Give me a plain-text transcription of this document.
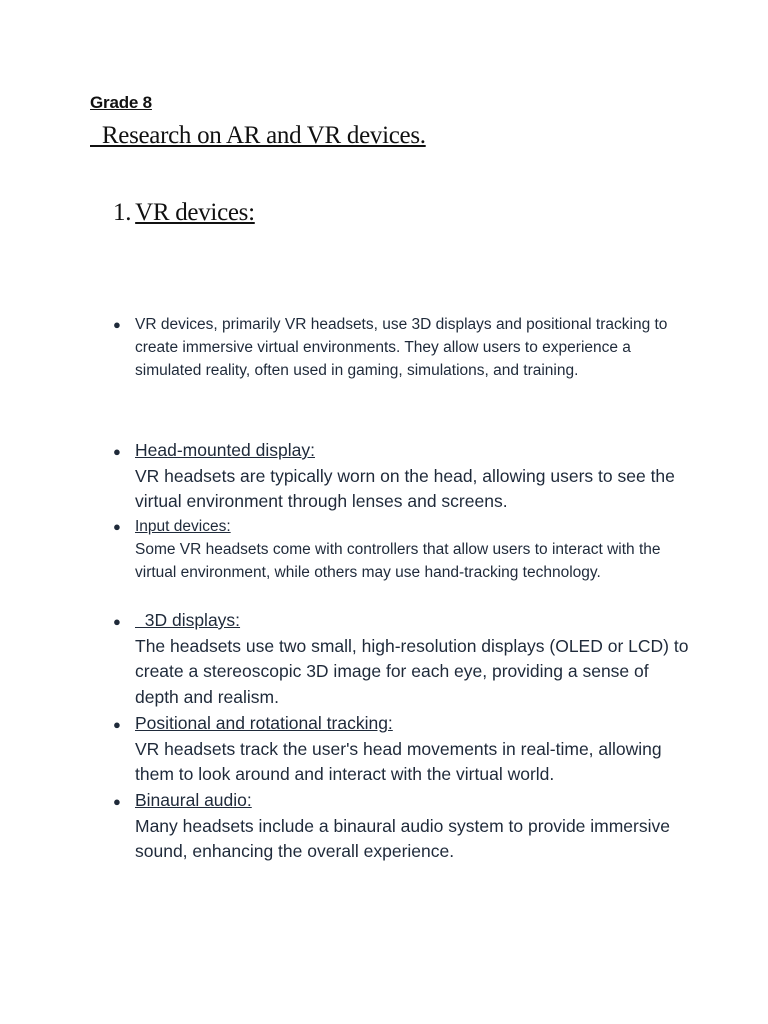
Grade 8
Research on AR and VR devices.
1. VR devices:
● VR devices, primarily VR headsets, use 3D displays and positional tracking to create immersive virtual environments. They allow users to experience a simulated reality, often used in gaming, simulations, and training.
● Head-mounted display:
VR headsets are typically worn on the head, allowing users to see the virtual environment through lenses and screens.
● Input devices:
Some VR headsets come with controllers that allow users to interact with the virtual environment, while others may use hand-tracking technology.
● 3D displays:
The headsets use two small, high-resolution displays (OLED or LCD) to create a stereoscopic 3D image for each eye, providing a sense of depth and realism.
● Positional and rotational tracking:
VR headsets track the user's head movements in real-time, allowing them to look around and interact with the virtual world.
● Binaural audio:
Many headsets include a binaural audio system to provide immersive sound, enhancing the overall experience.
